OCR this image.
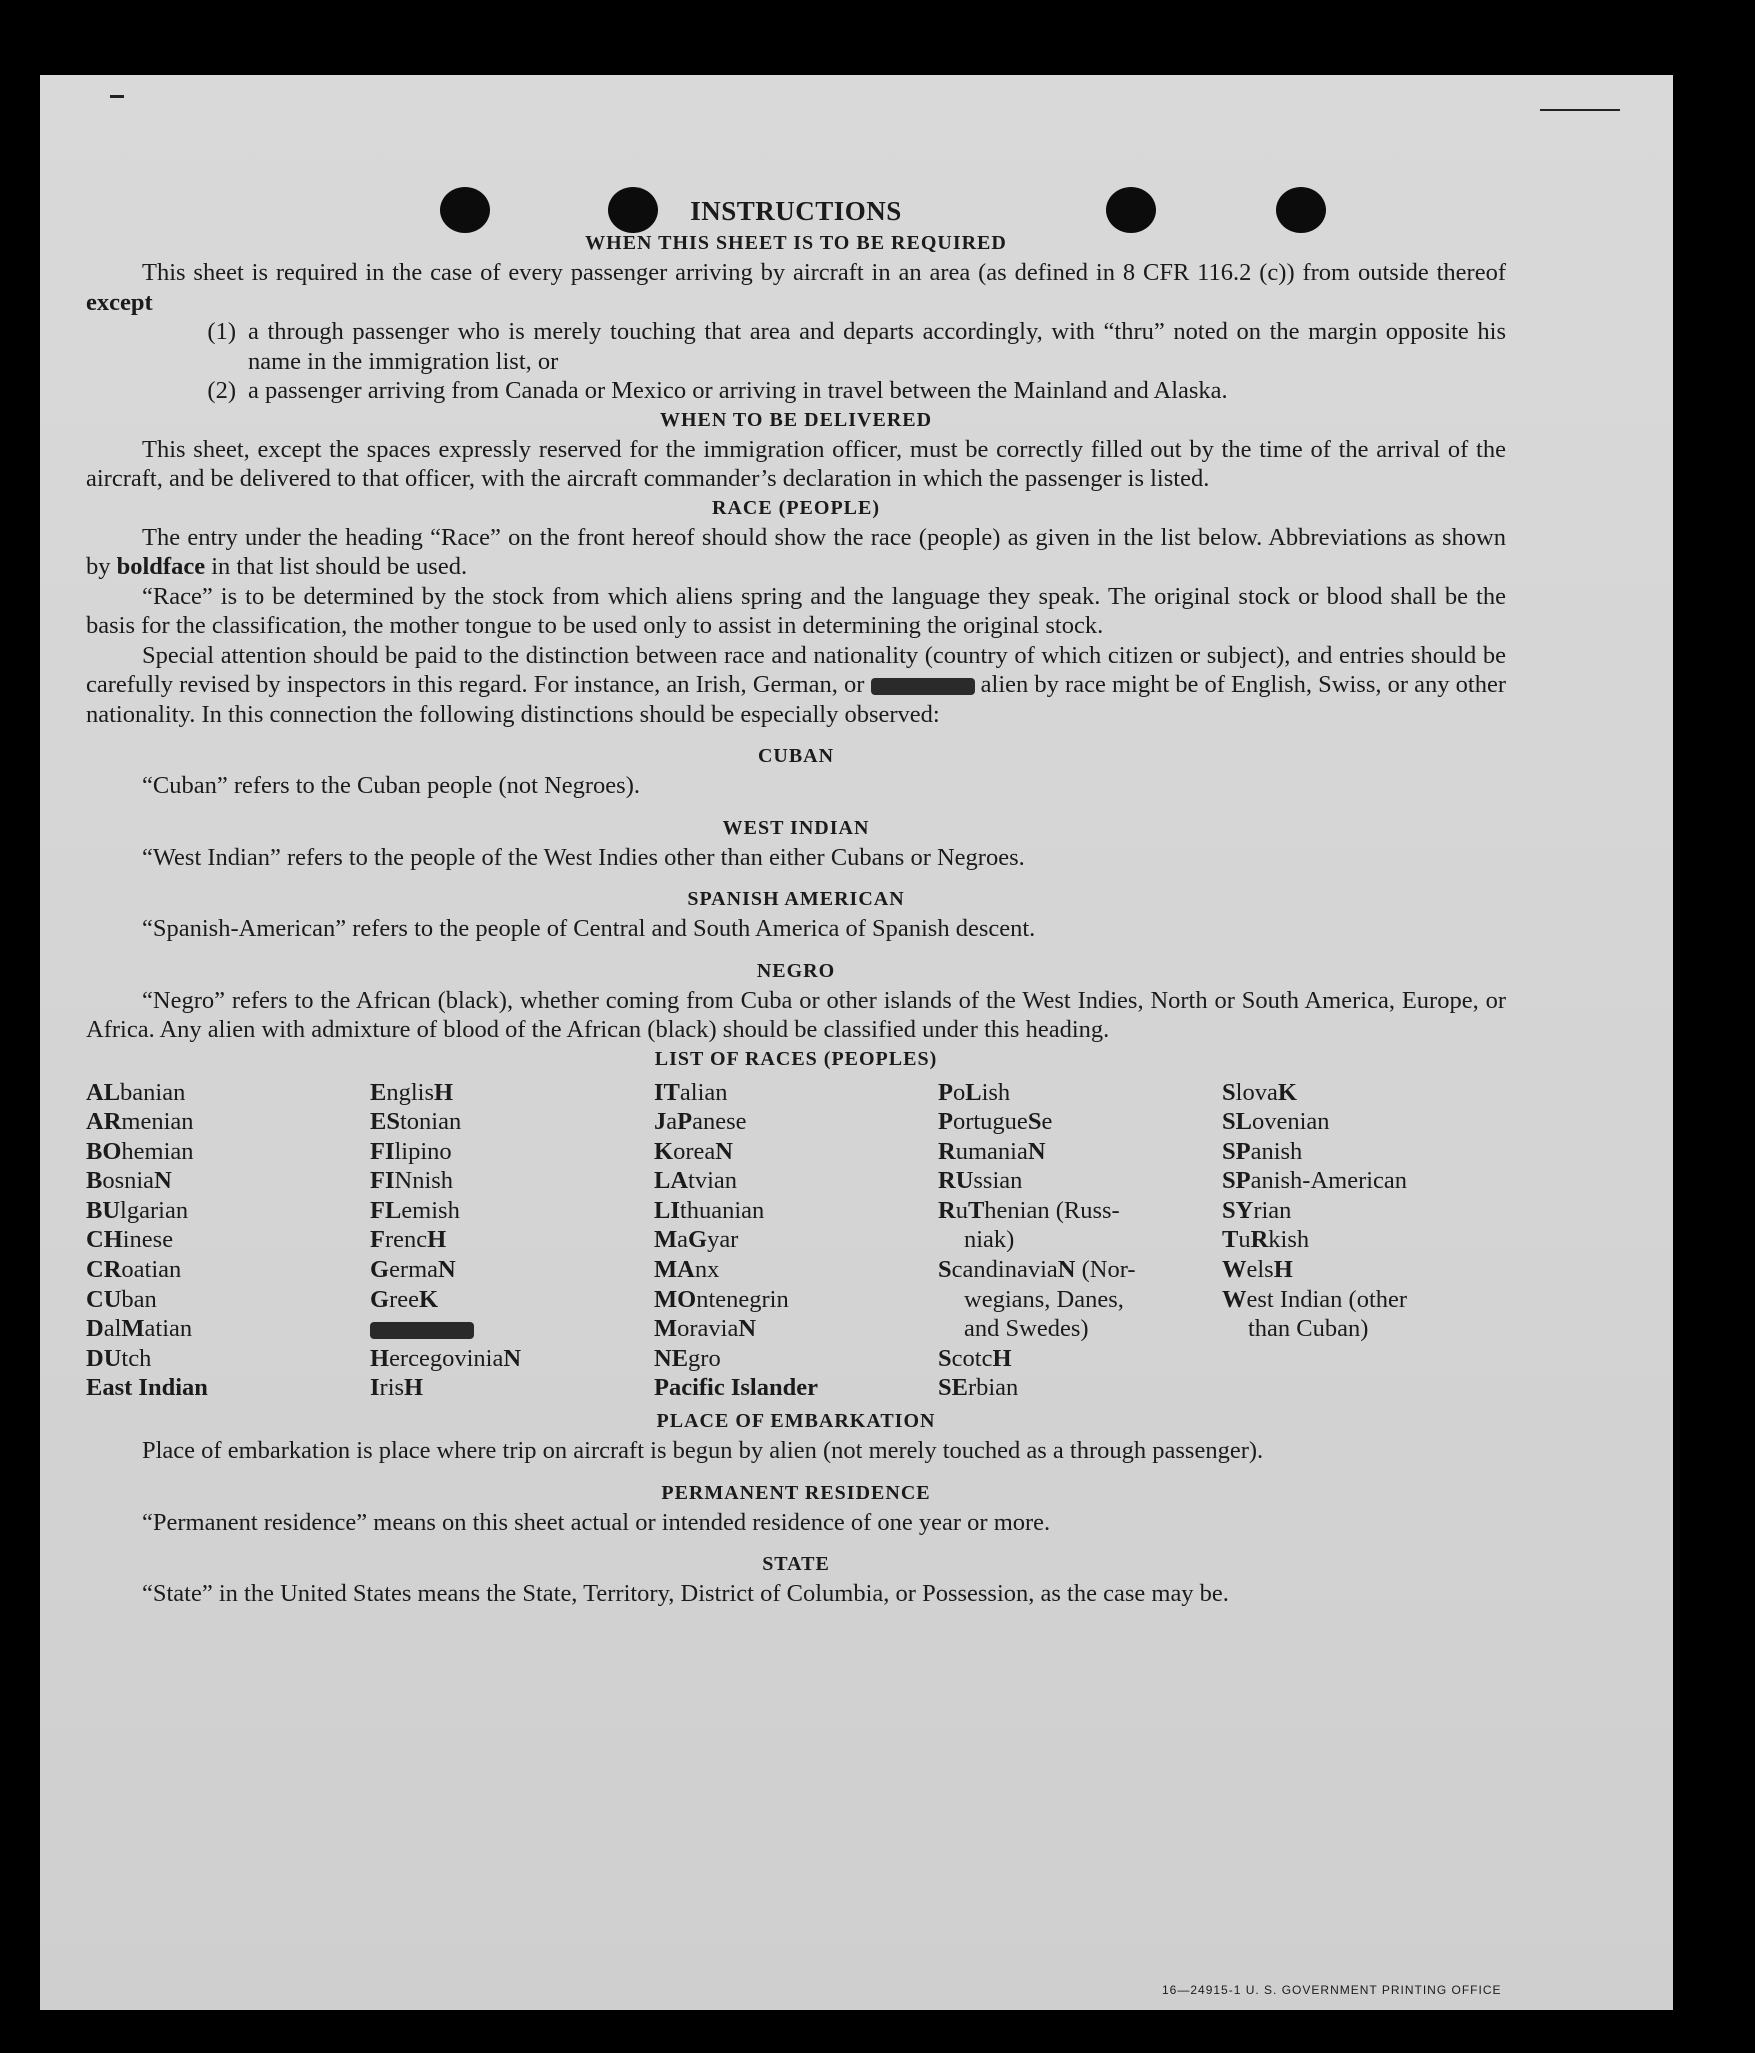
16—24915-1 U. S. GOVERNMENT PRINTING OFFICE
INSTRUCTIONS
WHEN THIS SHEET IS TO BE REQUIRED

This sheet is required in the case of every passenger arriving by aircraft in an area (as defined in 8 CFR 116.2 (c)) from outside thereof except

(1) a through passenger who is merely touching that area and departs accordingly, with “thru” noted on the margin opposite his name in the immigration list, or
(2) a passenger arriving from Canada or Mexico or arriving in travel between the Mainland and Alaska.
WHEN TO BE DELIVERED

This sheet, except the spaces expressly reserved for the immigration officer, must be correctly filled out by the time of the arrival of the aircraft, and be delivered to that officer, with the aircraft commander’s declaration in which the passenger is listed.

RACE (PEOPLE)

The entry under the heading “Race” on the front hereof should show the race (people) as given in the list below. Abbreviations as shown by boldface in that list should be used.

“Race” is to be determined by the stock from which aliens spring and the language they speak. The original stock or blood shall be the basis for the classification, the mother tongue to be used only to assist in determining the original stock.

Special attention should be paid to the distinction between race and nationality (country of which citizen or subject), and entries should be carefully revised by inspectors in this regard. For instance, an Irish, German, or	alien by race might be of English, Swiss, or any other nationality. In this connection the following distinctions should be especially observed:

CUBAN

“Cuban” refers to the Cuban people (not Negroes).

WEST INDIAN

“West Indian” refers to the people of the West Indies other than either Cubans or Negroes.

SPANISH AMERICAN

“Spanish-American” refers to the people of Central and South America of Spanish descent.

NEGRO

“Negro” refers to the African (black), whether coming from Cuba or other islands of the West Indies, North or South America, Europe, or Africa. Any alien with admixture of blood of the African (black) should be classified under this heading.

LIST OF RACES (PEOPLES)
ALbanian
ARmenian
BOhemian
BosniaN
BUlgarian
CHinese
CRoatian
CUban
DalMatian
DUtch
East Indian
EnglisH
EStonian
FIlipino
FINnish
FLemish
FrencH
GermaN
GreeK
HercegoviniaN
IrisH
ITalian
JaPanese
KoreaN
LAtvian
LIthuanian
MaGyar
MAnx
MOntenegrin
MoraviaN
NEgro
Pacific Islander
PoLish
PortugueSe
RumaniaN
RUssian
RuThenian (Russ-
niak)
ScandinaviaN (Nor-
wegians, Danes,
and Swedes)
ScotcH
SErbian
SlovaK
SLovenian
SPanish
SPanish-American
SYrian
TuRkish
WelsH
West Indian (other
than Cuban)
PLACE OF EMBARKATION

Place of embarkation is place where trip on aircraft is begun by alien (not merely touched as a through passenger).

PERMANENT RESIDENCE

“Permanent residence” means on this sheet actual or intended residence of one year or more.

STATE

“State” in the United States means the State, Territory, District of Columbia, or Possession, as the case may be.
